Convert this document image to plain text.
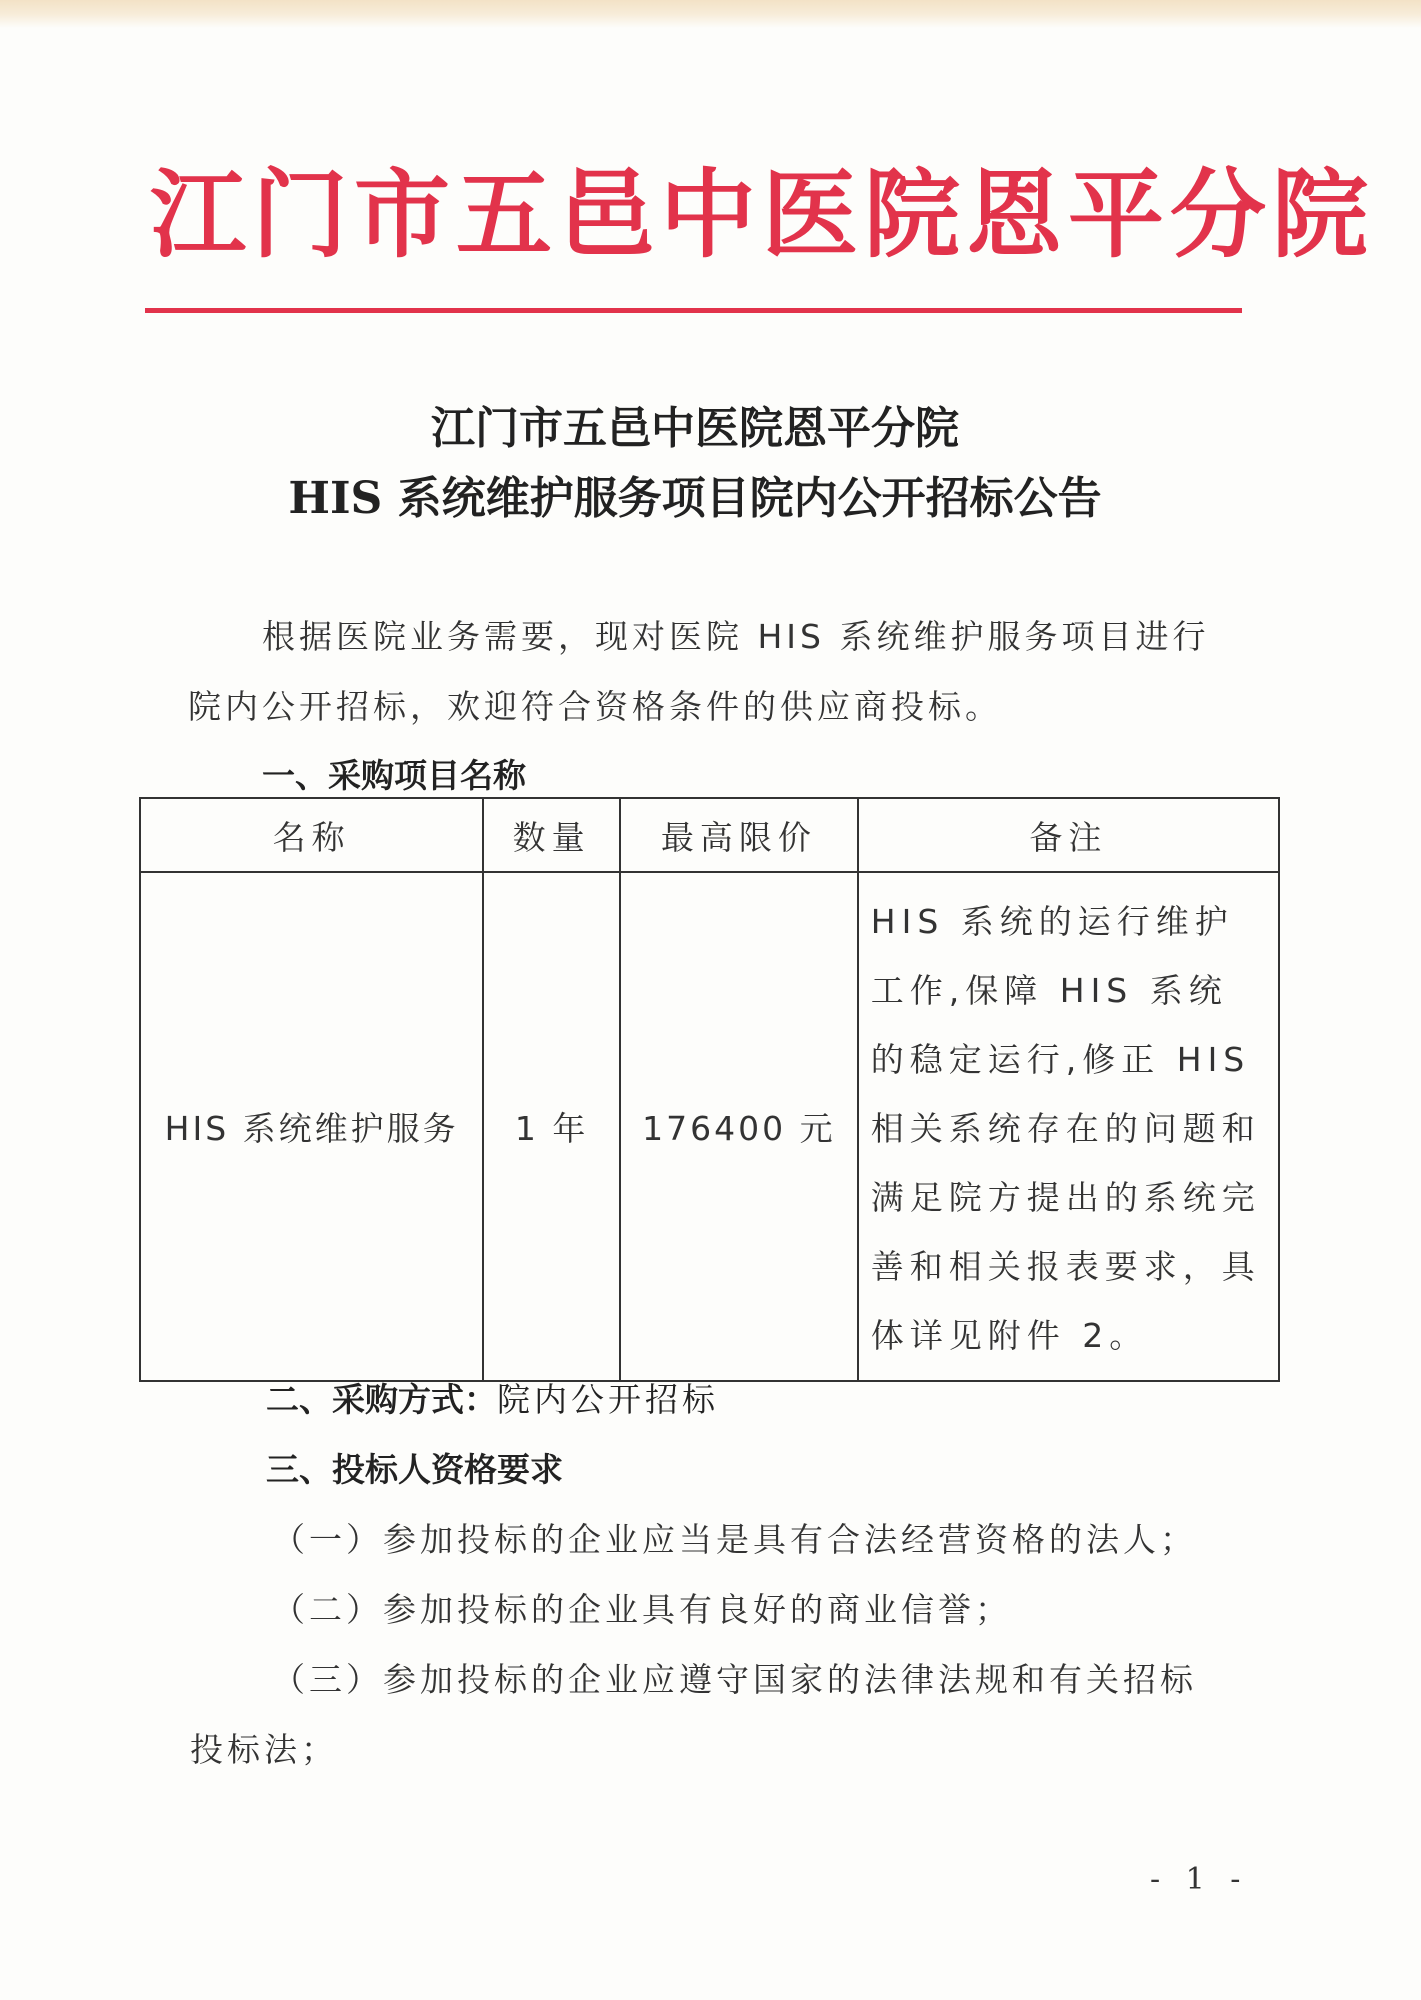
江门市五邑中医院恩平分院
江门市五邑中医院恩平分院
HIS 系统维护服务项目院内公开招标公告
根据医院业务需要，现对医院 HIS 系统维护服务项目进行
院内公开招标，欢迎符合资格条件的供应商投标。
一、采购项目名称
名称	数量	最高限价	备注
HIS 系统维护服务	1 年	176400 元	HIS 系统的运行维护工作,保障 HIS 系统的稳定运行,修正 HIS 相关系统存在的问题和满足院方提出的系统完善和相关报表要求，具体详见附件 2。
二、采购方式：院内公开招标
三、投标人资格要求
（一）参加投标的企业应当是具有合法经营资格的法人；
（二）参加投标的企业具有良好的商业信誉；
（三）参加投标的企业应遵守国家的法律法规和有关招标
投标法；
- 1 -
